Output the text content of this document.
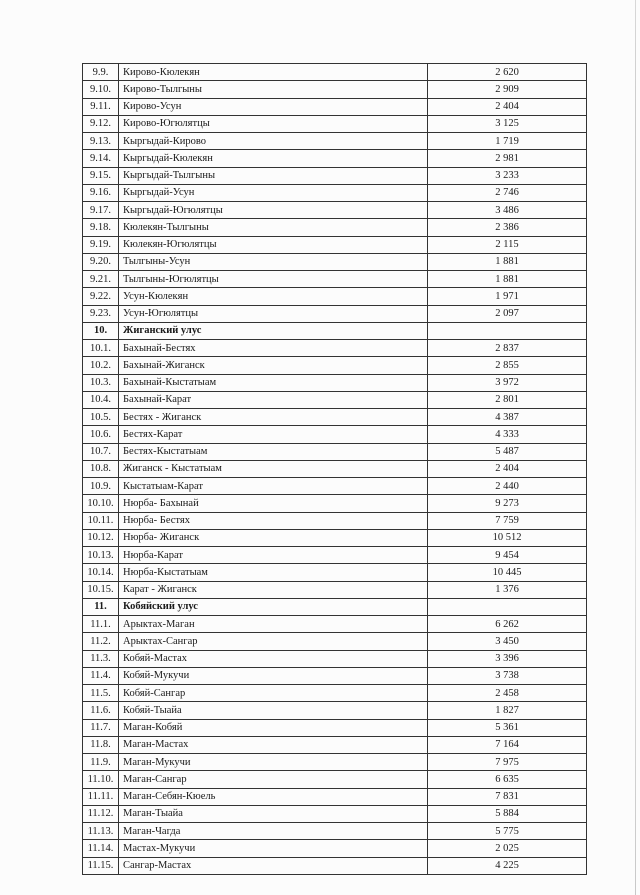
9.9.	Кирово-Кюлекян	2 620
9.10.	Кирово-Тылгыны	2 909
9.11.	Кирово-Усун	2 404
9.12.	Кирово-Югюлятцы	3 125
9.13.	Кыргыдай-Кирово	1 719
9.14.	Кыргыдай-Кюлекян	2 981
9.15.	Кыргыдай-Тылгыны	3 233
9.16.	Кыргыдай-Усун	2 746
9.17.	Кыргыдай-Югюлятцы	3 486
9.18.	Кюлекян-Тылгыны	2 386
9.19.	Кюлекян-Югюлятцы	2 115
9.20.	Тылгыны-Усун	1 881
9.21.	Тылгыны-Югюлятцы	1 881
9.22.	Усун-Кюлекян	1 971
9.23.	Усун-Югюлятцы	2 097
10.	Жиганский улус	
10.1.	Бахынай-Бестях	2 837
10.2.	Бахынай-Жиганск	2 855
10.3.	Бахынай-Кыстатыам	3 972
10.4.	Бахынай-Карат	2 801
10.5.	Бестях - Жиганск	4 387
10.6.	Бестях-Карат	4 333
10.7.	Бестях-Кыстатыам	5 487
10.8.	Жиганск - Кыстатыам	2 404
10.9.	Кыстатыам-Карат	2 440
10.10.	Нюрба- Бахынай	9 273
10.11.	Нюрба- Бестях	7 759
10.12.	Нюрба- Жиганск	10 512
10.13.	Нюрба-Карат	9 454
10.14.	Нюрба-Кыстатыам	10 445
10.15.	Карат - Жиганск	1 376
11.	Кобяйский улус	
11.1.	Арыктах-Маган	6 262
11.2.	Арыктах-Сангар	3 450
11.3.	Кобяй-Мастах	3 396
11.4.	Кобяй-Мукучи	3 738
11.5.	Кобяй-Сангар	2 458
11.6.	Кобяй-Тыайа	1 827
11.7.	Маган-Кобяй	5 361
11.8.	Маган-Мастах	7 164
11.9.	Маган-Мукучи	7 975
11.10.	Маган-Сангар	6 635
11.11.	Маган-Себян-Кюель	7 831
11.12.	Маган-Тыайа	5 884
11.13.	Маган-Чагда	5 775
11.14.	Мастах-Мукучи	2 025
11.15.	Сангар-Мастах	4 225
